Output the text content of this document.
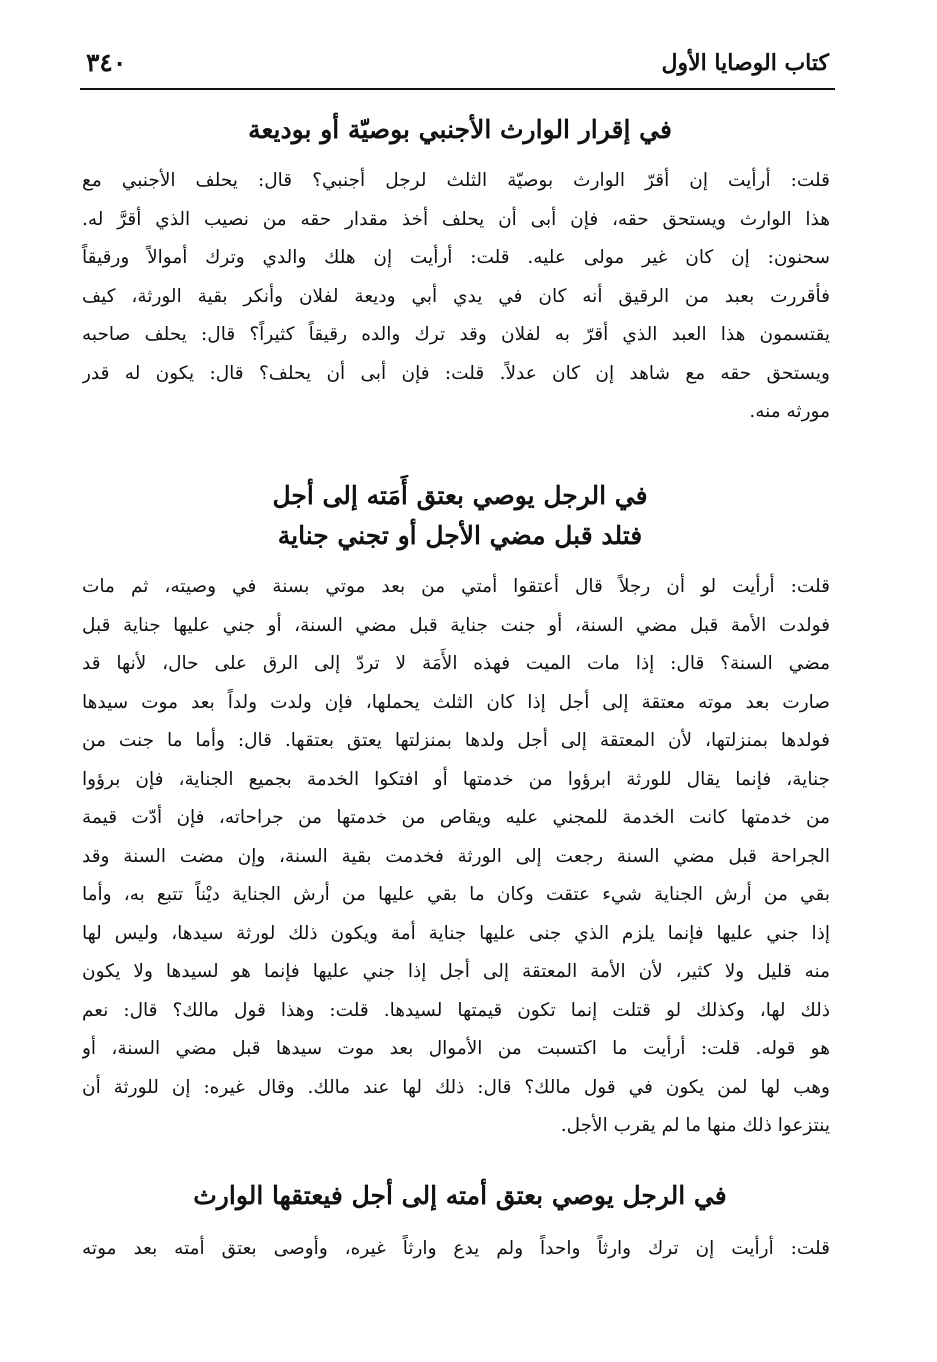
كتاب الوصايا الأول
٣٤٠
في إقرار الوارث الأجنبي بوصيّة أو بوديعة
قلت: أرأيت إن أقرّ الوارث بوصيّة الثلث لرجل أجنبي؟ قال: يحلف الأجنبي مع
هذا الوارث ويستحق حقه، فإن أبى أن يحلف أخذ مقدار حقه من نصيب الذي أقرَّ له.
سحنون: إن كان غير مولى عليه. قلت: أرأيت إن هلك والدي وترك أموالاً ورقيقاً
فأقررت بعبد من الرقيق أنه كان في يدي أبي وديعة لفلان وأنكر بقية الورثة، كيف
يقتسمون هذا العبد الذي أقرّ به لفلان وقد ترك والده رقيقاً كثيراً؟ قال: يحلف صاحبه
ويستحق حقه مع شاهد إن كان عدلاً. قلت: فإن أبى أن يحلف؟ قال: يكون له قدر
مورثه منه.
في الرجل يوصي بعتق أَمَته إلى أجل
فتلد قبل مضي الأجل أو تجني جناية
قلت: أرأيت لو أن رجلاً قال أعتقوا أمتي من بعد موتي بسنة في وصيته، ثم مات
فولدت الأمة قبل مضي السنة، أو جنت جناية قبل مضي السنة، أو جني عليها جناية قبل
مضي السنة؟ قال: إذا مات الميت فهذه الأَمَة لا تردّ إلى الرق على حال، لأنها قد
صارت بعد موته معتقة إلى أجل إذا كان الثلث يحملها، فإن ولدت ولداً بعد موت سيدها
فولدها بمنزلتها، لأن المعتقة إلى أجل ولدها بمنزلتها يعتق بعتقها. قال: وأما ما جنت من
جناية، فإنما يقال للورثة ابرؤوا من خدمتها أو افتكوا الخدمة بجميع الجناية، فإن برؤوا
من خدمتها كانت الخدمة للمجني عليه ويقاص من خدمتها من جراحاته، فإن أدّت قيمة
الجراحة قبل مضي السنة رجعت إلى الورثة فخدمت بقية السنة، وإن مضت السنة وقد
بقي من أرش الجناية شيء عتقت وكان ما بقي عليها من أرش الجناية ديْناً تتبع به، وأما
إذا جني عليها فإنما يلزم الذي جنى عليها جناية أمة ويكون ذلك لورثة سيدها، وليس لها
منه قليل ولا كثير، لأن الأمة المعتقة إلى أجل إذا جني عليها فإنما هو لسيدها ولا يكون
ذلك لها، وكذلك لو قتلت إنما تكون قيمتها لسيدها. قلت: وهذا قول مالك؟ قال: نعم
هو قوله. قلت: أرأيت ما اكتسبت من الأموال بعد موت سيدها قبل مضي السنة، أو
وهب لها لمن يكون في قول مالك؟ قال: ذلك لها عند مالك. وقال غيره: إن للورثة أن
ينتزعوا ذلك منها ما لم يقرب الأجل.
في الرجل يوصي بعتق أمته إلى أجل فيعتقها الوارث
قلت: أرأيت إن ترك وارثاً واحداً ولم يدع وارثاً غيره، وأوصى بعتق أمته بعد موته
